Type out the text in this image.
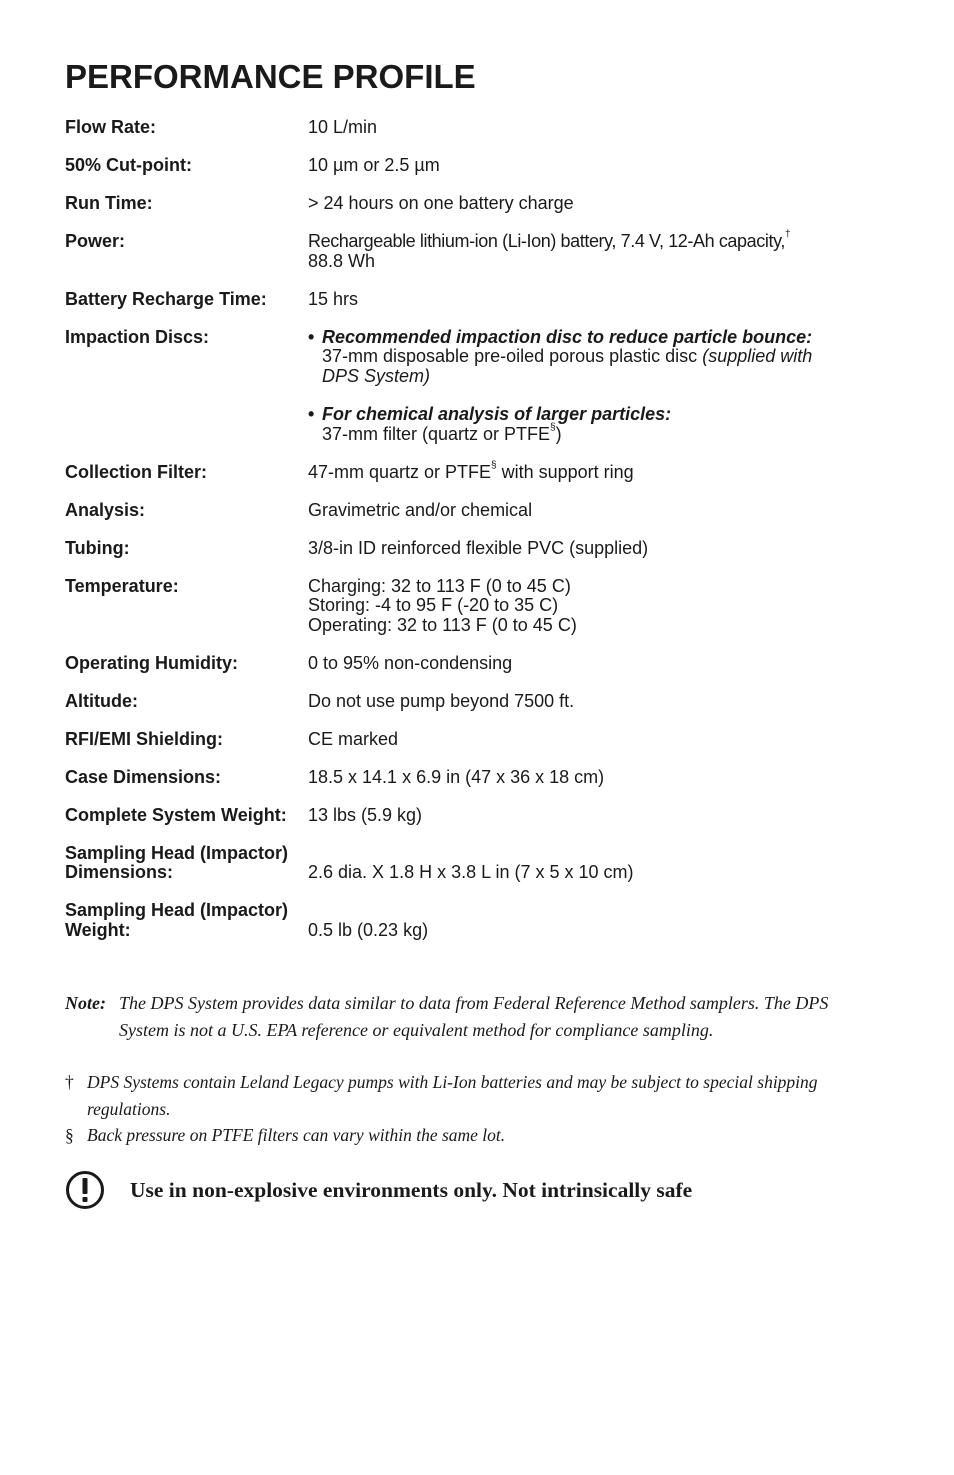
PERFORMANCE PROFILE
Flow Rate:	10 L/min
50% Cut-point:	10 µm or 2.5 µm
Run Time:	> 24 hours on one battery charge
Power:	Rechargeable lithium-ion (Li-Ion) battery, 7.4 V, 12-Ah capacity,†
88.8 Wh
Battery Recharge Time:	15 hrs
Impaction Discs:	• Recommended impaction disc to reduce particle bounce:
37-mm disposable pre-oiled porous plastic disc (supplied with
DPS System)
• For chemical analysis of larger particles:
37-mm filter (quartz or PTFE§)
Collection Filter:	47-mm quartz or PTFE§ with support ring
Analysis:	Gravimetric and/or chemical
Tubing:	3/8-in ID reinforced flexible PVC (supplied)
Temperature:	Charging: 32 to 113 F (0 to 45 C)
Storing: -4 to 95 F (-20 to 35 C)
Operating: 32 to 113 F (0 to 45 C)
Operating Humidity:	0 to 95% non-condensing
Altitude:	Do not use pump beyond 7500 ft.
RFI/EMI Shielding:	CE marked
Case Dimensions:	18.5 x 14.1 x 6.9 in (47 x 36 x 18 cm)
Complete System Weight:	13 lbs (5.9 kg)
Sampling Head (Impactor)
Dimensions:	2.6 dia. X 1.8 H x 3.8 L in (7 x 5 x 10 cm)
Sampling Head (Impactor)
Weight:	0.5 lb (0.23 kg)
Note: The DPS System provides data similar to data from Federal Reference Method samplers. The DPS System is not a U.S. EPA reference or equivalent method for compliance sampling.
† DPS Systems contain Leland Legacy pumps with Li-Ion batteries and may be subject to special shipping regulations.
§ Back pressure on PTFE filters can vary within the same lot.
Use in non-explosive environments only. Not intrinsically safe
